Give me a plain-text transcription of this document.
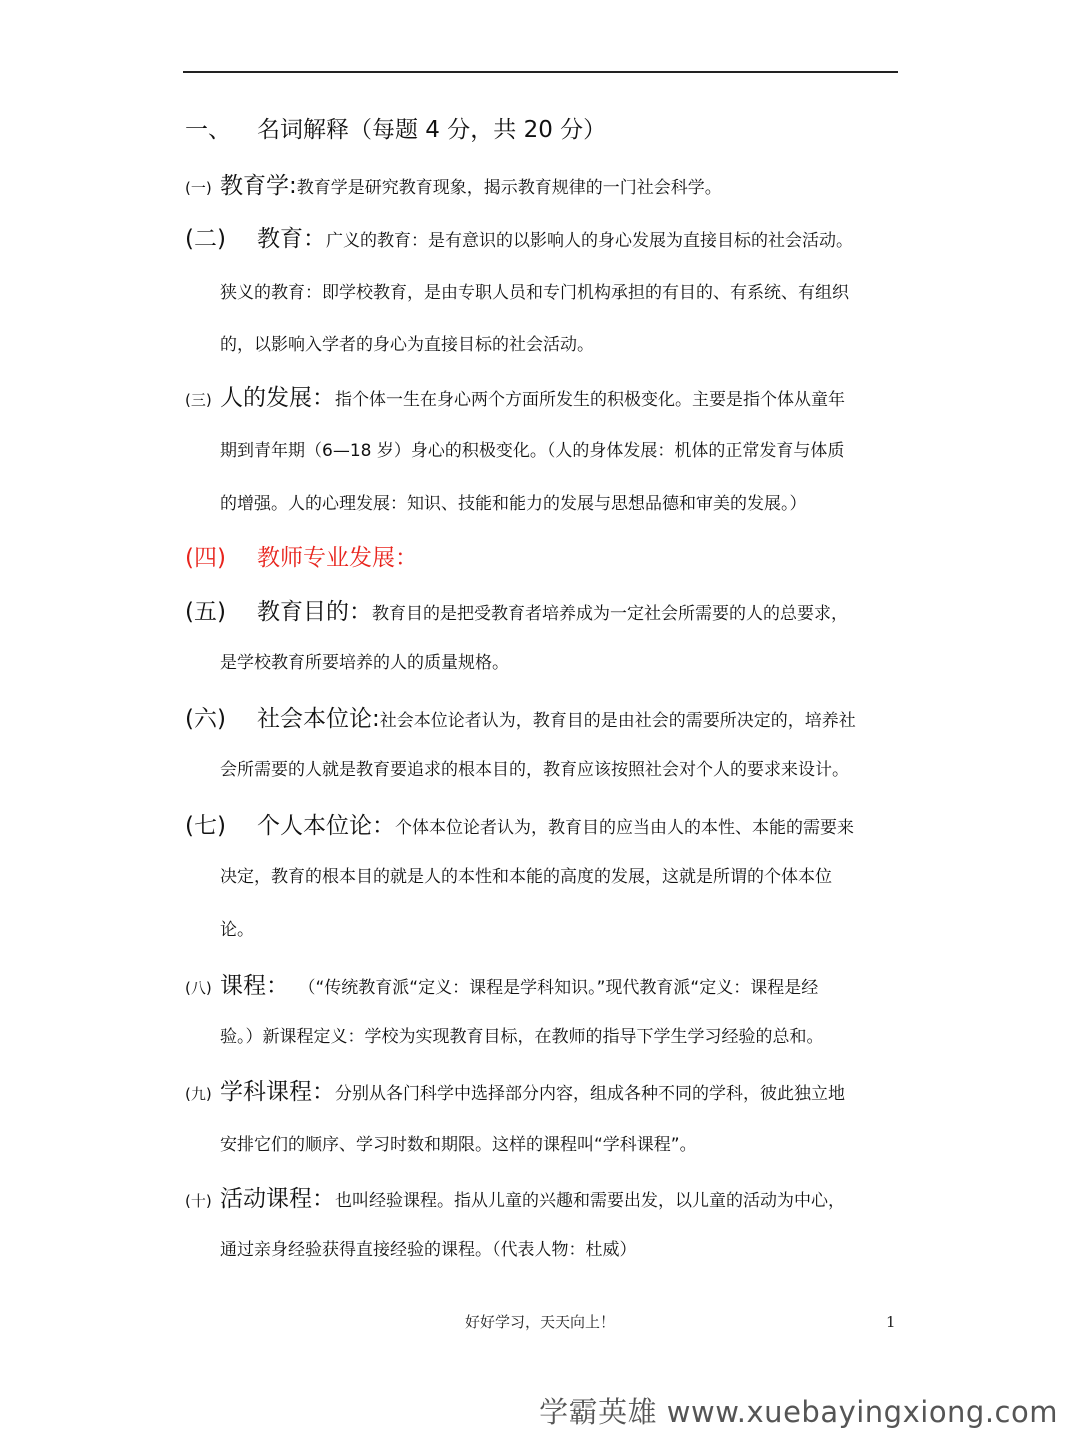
一、 名词解释（每题 4 分，共 20 分）
(一) 教育学:教育学是研究教育现象，揭示教育规律的一门社会科学。
(二) 教育：广义的教育：是有意识的以影响人的身心发展为直接目标的社会活动。
狭义的教育：即学校教育，是由专职人员和专门机构承担的有目的、有系统、有组织
的，以影响入学者的身心为直接目标的社会活动。
(三) 人的发展：指个体一生在身心两个方面所发生的积极变化。主要是指个体从童年
期到青年期（6—18 岁）身心的积极变化。（人的身体发展：机体的正常发育与体质
的增强。人的心理发展：知识、技能和能力的发展与思想品德和审美的发展。）
(四) 教师专业发展：
(五) 教育目的：教育目的是把受教育者培养成为一定社会所需要的人的总要求，
是学校教育所要培养的人的质量规格。
(六) 社会本位论:社会本位论者认为，教育目的是由社会的需要所决定的，培养社
会所需要的人就是教育要追求的根本目的，教育应该按照社会对个人的要求来设计。
(七) 个人本位论：个体本位论者认为，教育目的应当由人的本性、本能的需要来
决定，教育的根本目的就是人的本性和本能的高度的发展，这就是所谓的个体本位
论。
(八) 课程： （“传统教育派“定义：课程是学科知识。”现代教育派“定义：课程是经
验。）新课程定义：学校为实现教育目标，在教师的指导下学生学习经验的总和。
(九) 学科课程：分别从各门科学中选择部分内容，组成各种不同的学科，彼此独立地
安排它们的顺序、学习时数和期限。这样的课程叫“学科课程”。
(十) 活动课程：也叫经验课程。指从儿童的兴趣和需要出发，以儿童的活动为中心，
通过亲身经验获得直接经验的课程。（代表人物：杜威）
好好学习，天天向上！	1
学霸英雄 www.xuebayingxiong.com
